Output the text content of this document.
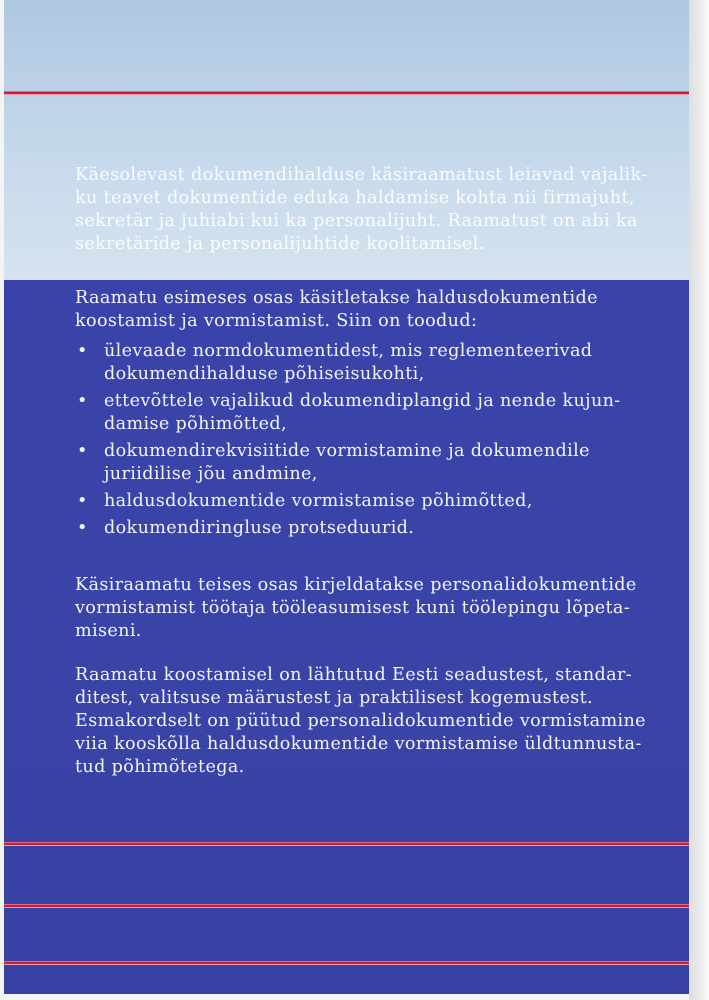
Käesolevast dokumendihalduse käsiraamatust leiavad vajalik-
ku teavet dokumentide eduka haldamise kohta nii firmajuht,
sekretär ja juhiabi kui ka personalijuht. Raamatust on abi ka
sekretäride ja personalijuhtide koolitamisel.

Raamatu esimeses osas käsitletakse haldusdokumentide
koostamist ja vormistamist. Siin on toodud:

• ülevaade normdokumentidest, mis reglementeerivad
dokumendihalduse põhiseisukohti,
• ettevõttele vajalikud dokumendiplangid ja nende kujun-
damise põhimõtted,
• dokumendirekvisiitide vormistamine ja dokumendile
juriidilise jõu andmine,
• haldusdokumentide vormistamise põhimõtted,
• dokumendiringluse protseduurid.

Käsiraamatu teises osas kirjeldatakse personalidokumentide
vormistamist töötaja tööleasumisest kuni töölepingu lõpeta-
miseni.

Raamatu koostamisel on lähtutud Eesti seadustest, standar-
ditest, valitsuse määrustest ja praktilisest kogemustest.
Esmakordselt on püütud personalidokumentide vormistamine
viia kooskõlla haldusdokumentide vormistamise üldtunnusta-
tud põhimõtetega.
